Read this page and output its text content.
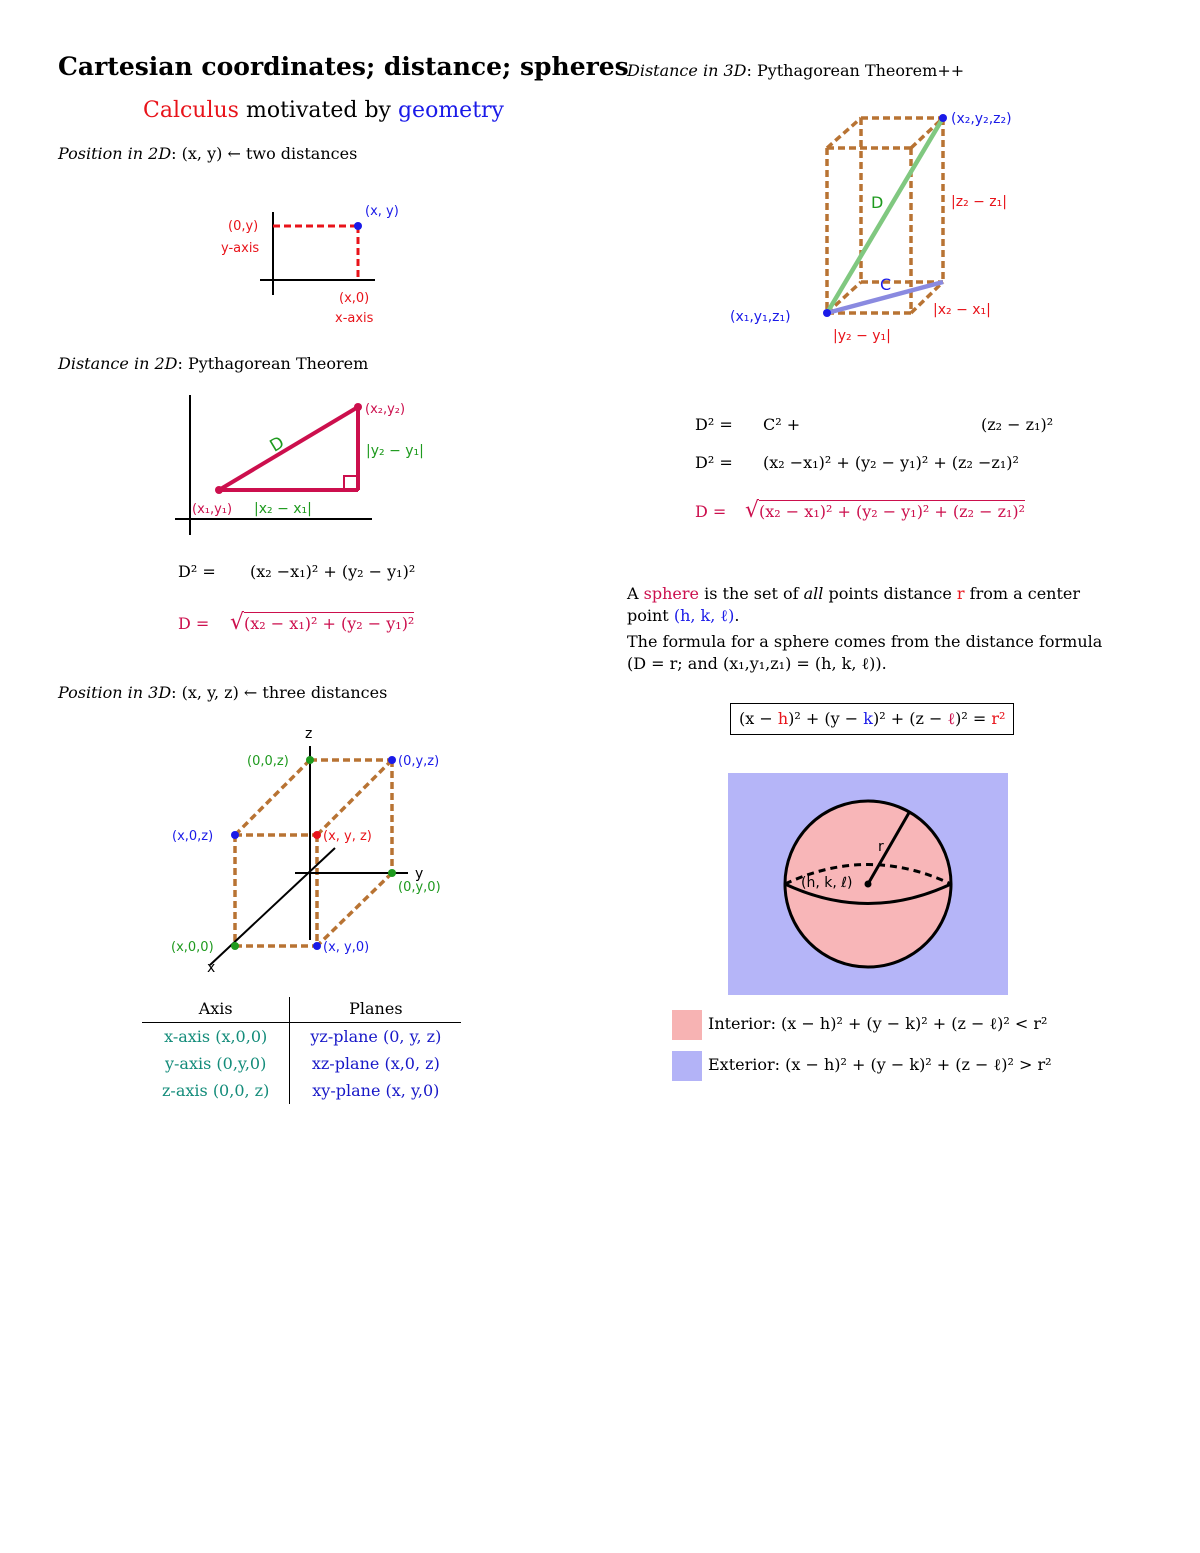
Cartesian coordinates; distance; spheres
Calculus motivated by geometry
Position in 2D: (x, y) ← two distances
(0,y)
y-axis
(x, y)
(x,0)
x-axis
Distance in 2D: Pythagorean Theorem
(x₂,y₂)
D	|y₂ − y₁|
(x₁,y₁) |x₂ − x₁|
D² = (x₂ −x₁)² + (y₂ − y₁)²
D = √(x₂ − x₁)² + (y₂ − y₁)²
Position in 3D: (x, y, z) ← three distances
z
y
x
(0,0,z)	(0,y,z)
(x,0,z)	(x, y, z)
(0,y,0)
(x,0,0)	(x, y,0)
Axis	Planes
x-axis (x,0,0)	yz-plane (0, y, z)
y-axis (0,y,0)	xz-plane (x,0, z)
z-axis (0,0, z)	xy-plane (x, y,0)
Distance in 3D: Pythagorean Theorem++
(x₂,y₂,z₂)
D	|z₂ − z₁|
C
(x₁,y₁,z₁)	|x₂ − x₁|
|y₂ − y₁|
D² = C² +	(z₂ − z₁)²
D² = (x₂ −x₁)² + (y₂ − y₁)² + (z₂ −z₁)²
D = √(x₂ − x₁)² + (y₂ − y₁)² + (z₂ − z₁)²
A sphere is the set of all points distance r from a center
point (h, k, ℓ).
The formula for a sphere comes from the distance formula
(D = r; and (x₁,y₁,z₁) = (h, k, ℓ)).
(x − h)² + (y − k)² + (z − ℓ)² = r²
r
(h, k, ℓ)
Interior: (x − h)² + (y − k)² + (z − ℓ)² < r²
Exterior: (x − h)² + (y − k)² + (z − ℓ)² > r²
